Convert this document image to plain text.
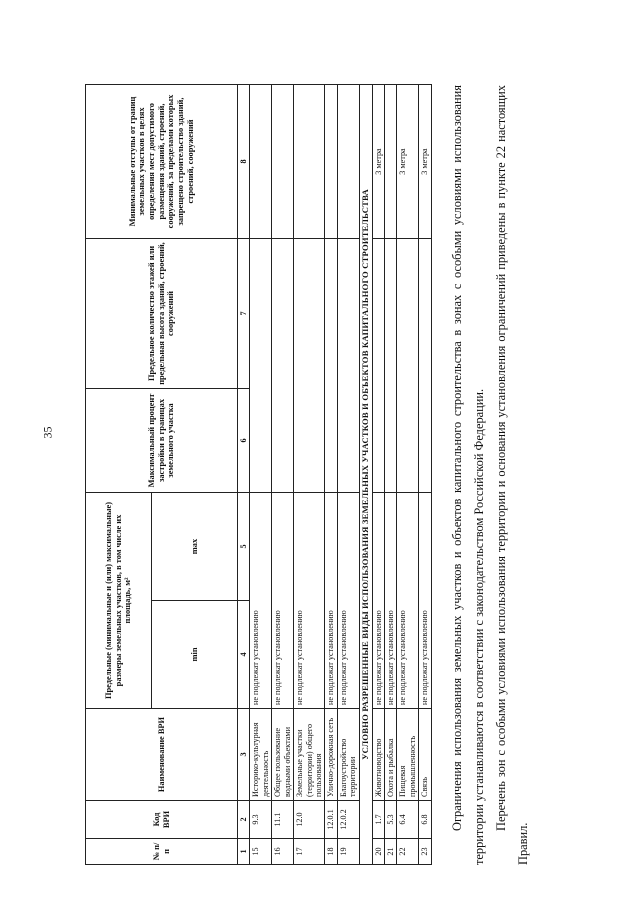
35
№ п/п	Код ВРИ	Наименование ВРИ	Предельные (минимальные и (или) максимальные) размеры земельных участков, в том числе их площадь, м²		Максимальный процент застройки в границах земельного участка	Предельное количество этажей или предельная высота зданий, строений, сооружений	Минимальные отступы от границ земельных участков в целях определения мест допустимого размещения зданий, строений, сооружений, за пределами которых запрещено строительство зданий, строений, сооружений
			min	max			
1	2	3	4	5	6	7	8
15	9.3	Историко-культурная деятельность	не подлежат установлению				
16	11.1	Общее пользование водными объектами	не подлежат установлению				
17	12.0	Земельные участки (территории) общего пользования	не подлежат установлению				
18	12.0.1	Улично-дорожная сеть	не подлежат установлению				
19	12.0.2	Благоустройство территории	не подлежат установлению				
УСЛОВНО РАЗРЕШЕННЫЕ ВИДЫ ИСПОЛЬЗОВАНИЯ ЗЕМЕЛЬНЫХ УЧАСТКОВ И ОБЪЕКТОВ КАПИТАЛЬНОГО СТРОИТЕЛЬСТВА							
20	1.7	Животноводство	не подлежат установлению				3 метра
21	5.3	Охота и рыбалка	не подлежат установлению				
22	6.4	Пищевая промышленность	не подлежат установлению				3 метра
23	6.8	Связь	не подлежат установлению				3 метра	Ограничения использования земельных участков и объектов капитального строительства в зонах с особыми условиями использования территории устанавливаются в соответствии с законодательством Российской Федерации. Перечень зон с особыми условиями использования территории и основания установления ограничений приведены в пункте 22 настоящих Правил.
